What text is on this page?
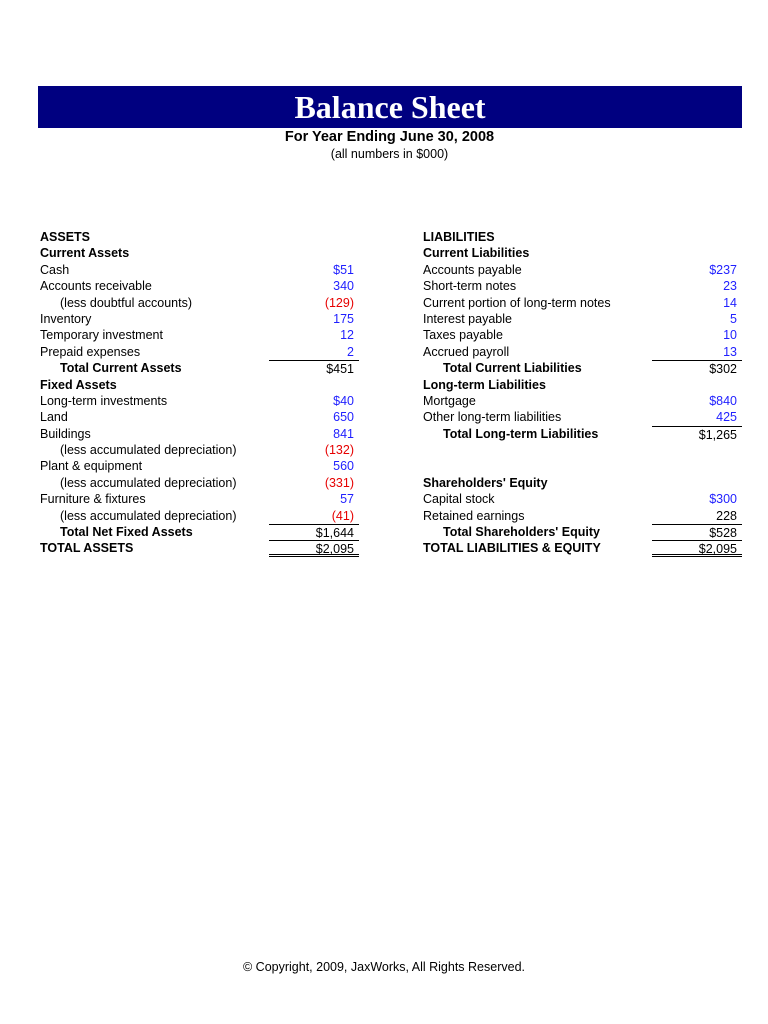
Balance Sheet
For Year Ending June 30, 2008
(all numbers in $000)
ASSETS
Current Assets
Cash	$51
Accounts receivable	340
(less doubtful accounts)	(129)
Inventory	175
Temporary investment	12
Prepaid expenses	2
Total Current Assets	$451
Fixed Assets
Long-term investments	$40
Land	650
Buildings	841
(less accumulated depreciation)	(132)
Plant & equipment	560
(less accumulated depreciation)	(331)
Furniture & fixtures	57
(less accumulated depreciation)	(41)
Total Net Fixed Assets	$1,644
TOTAL ASSETS	$2,095
LIABILITIES
Current Liabilities
Accounts payable	$237
Short-term notes	23
Current portion of long-term notes	14
Interest payable	5
Taxes payable	10
Accrued payroll	13
Total Current Liabilities	$302
Long-term Liabilities
Mortgage	$840
Other long-term liabilities	425
Total Long-term Liabilities	$1,265
Shareholders' Equity
Capital stock	$300
Retained earnings	228
Total Shareholders' Equity	$528
TOTAL LIABILITIES & EQUITY	$2,095
© Copyright, 2009, JaxWorks, All Rights Reserved.
